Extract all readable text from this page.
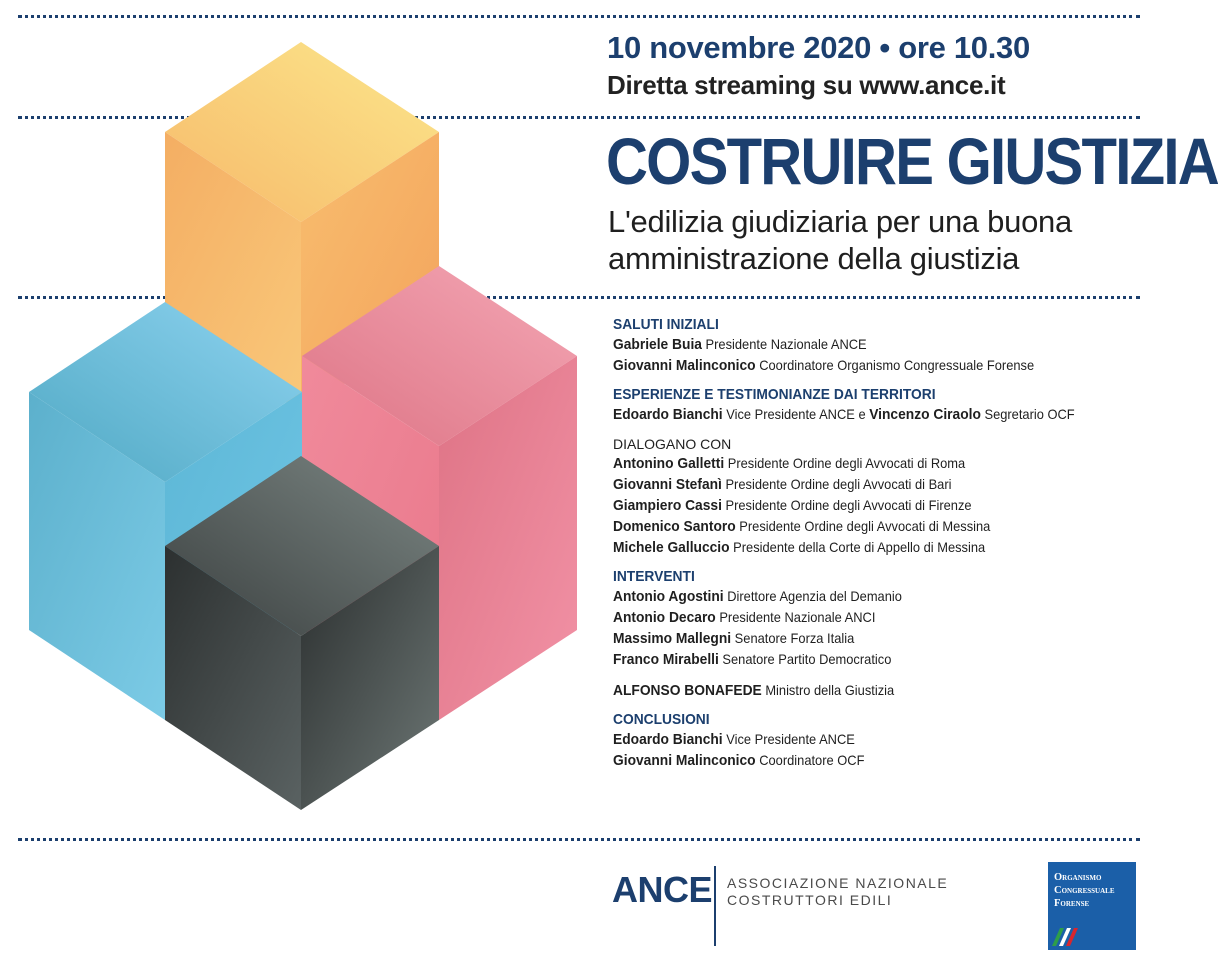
10 novembre 2020 • ore 10.30
Diretta streaming su www.ance.it
COSTRUIRE GIUSTIZIA
L'edilizia giudiziaria per una buona
amministrazione della giustizia
SALUTI INIZIALI
Gabriele Buia Presidente Nazionale ANCE
Giovanni Malinconico Coordinatore Organismo Congressuale Forense
ESPERIENZE E TESTIMONIANZE DAI TERRITORI
Edoardo Bianchi Vice Presidente ANCE e Vincenzo Ciraolo Segretario OCF
DIALOGANO CON
Antonino Galletti Presidente Ordine degli Avvocati di Roma
Giovanni Stefanì Presidente Ordine degli Avvocati di Bari
Giampiero Cassi Presidente Ordine degli Avvocati di Firenze
Domenico Santoro Presidente Ordine degli Avvocati di Messina
Michele Galluccio Presidente della Corte di Appello di Messina
INTERVENTI
Antonio Agostini Direttore Agenzia del Demanio
Antonio Decaro Presidente Nazionale ANCI
Massimo Mallegni Senatore Forza Italia
Franco Mirabelli Senatore Partito Democratico
ALFONSO BONAFEDE Ministro della Giustizia
CONCLUSIONI
Edoardo Bianchi Vice Presidente ANCE
Giovanni Malinconico Coordinatore OCF
ANCE ASSOCIAZIONE NAZIONALE
COSTRUTTORI EDILI
Organismo
Congressuale
Forense
